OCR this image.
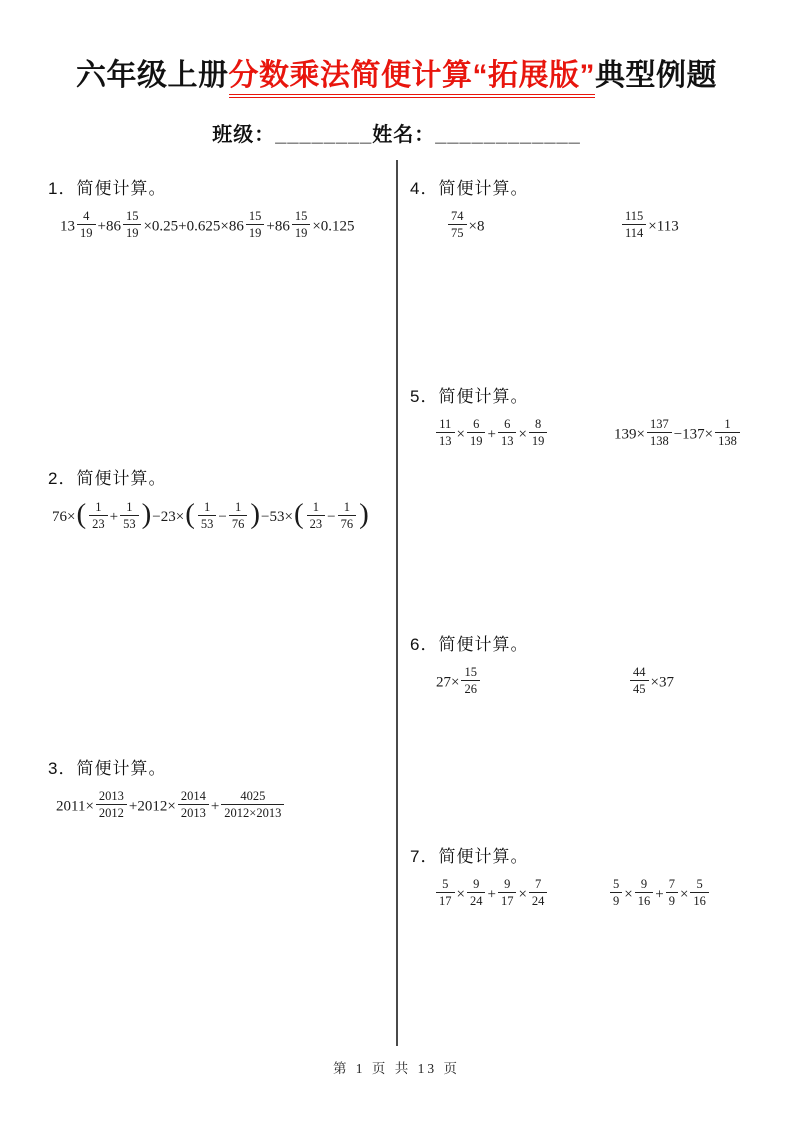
六年级上册分数乘法简便计算“拓展版”典型例题
班级：________姓名：____________
1．简便计算。
$13 \frac{4}{19} +86 \frac{15}{19} \times 0.25+0.625\times 86 \frac{15}{19} +86 \frac{15}{19} \times 0.125$
2．简便计算。
$76\times( \frac{1}{23} + \frac{1}{53} )-23\times( \frac{1}{53} - \frac{1}{76} )-53\times( \frac{1}{23} - \frac{1}{76}$ )
3．简便计算。
$2011\times \frac{2013}{2012} +2012\times \frac{2014}{2013} + \frac{4025}{2012\times 2013}$
4．简便计算。
$\frac{74}{75} \times 8$	$\frac{115}{114} \times 113$
5．简便计算。
$\frac{11}{13} \times \frac{6}{19} + \frac{6}{13} \times \frac{8}{19}$	$139\times \frac{137}{138} -137\times \frac{1}{138}$
6．简便计算。
$27\times \frac{15}{26}$	$\frac{44}{45} \times 37$
7．简便计算。
$\frac{5}{17} \times \frac{9}{24} + \frac{9}{17} \times \frac{7}{24}$	$\frac{5}{9} \times \frac{9}{16} + \frac{7}{9} \times \frac{5}{16}$
第 1 页 共 13 页
